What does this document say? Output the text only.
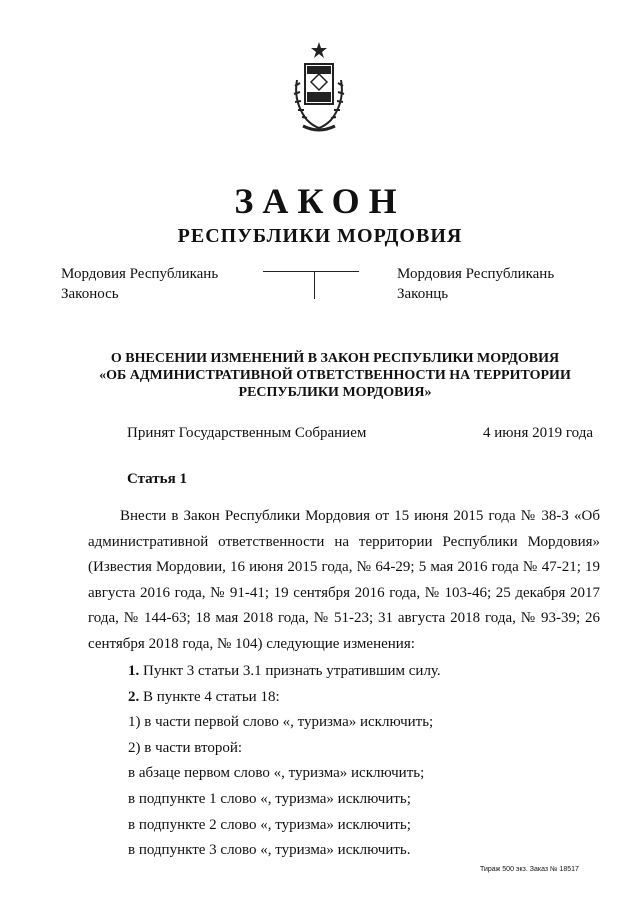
ЗАКОН
РЕСПУБЛИКИ МОРДОВИЯ
Мордовия Республикань
Законось
Мордовия Республикань
Законць
О ВНЕСЕНИИ ИЗМЕНЕНИЙ В ЗАКОН РЕСПУБЛИКИ МОРДОВИЯ
«ОБ АДМИНИСТРАТИВНОЙ ОТВЕТСТВЕННОСТИ НА ТЕРРИТОРИИ
РЕСПУБЛИКИ МОРДОВИЯ»
Принят Государственным Собранием	4 июня 2019 года
Статья 1
Внести в Закон Республики Мордовия от 15 июня 2015 года № 38-З «Об административной ответственности на территории Республики Мордовия» (Известия Мордовии, 16 июня 2015 года, № 64-29; 5 мая 2016 года № 47-21; 19 августа 2016 года, № 91-41; 19 сентября 2016 года, № 103-46; 25 декабря 2017 года, № 144-63; 18 мая 2018 года, № 51-23; 31 августа 2018 года, № 93-39; 26 сентября 2018 года, № 104) следующие изменения:
1. Пункт 3 статьи 3.1 признать утратившим силу.
2. В пункте 4 статьи 18:
1) в части первой слово «, туризма» исключить;
2) в части второй:
в абзаце первом слово «, туризма» исключить;
в подпункте 1 слово «, туризма» исключить;
в подпункте 2 слово «, туризма» исключить;
в подпункте 3 слово «, туризма» исключить.
Тираж 500 экз. Заказ № 18517
